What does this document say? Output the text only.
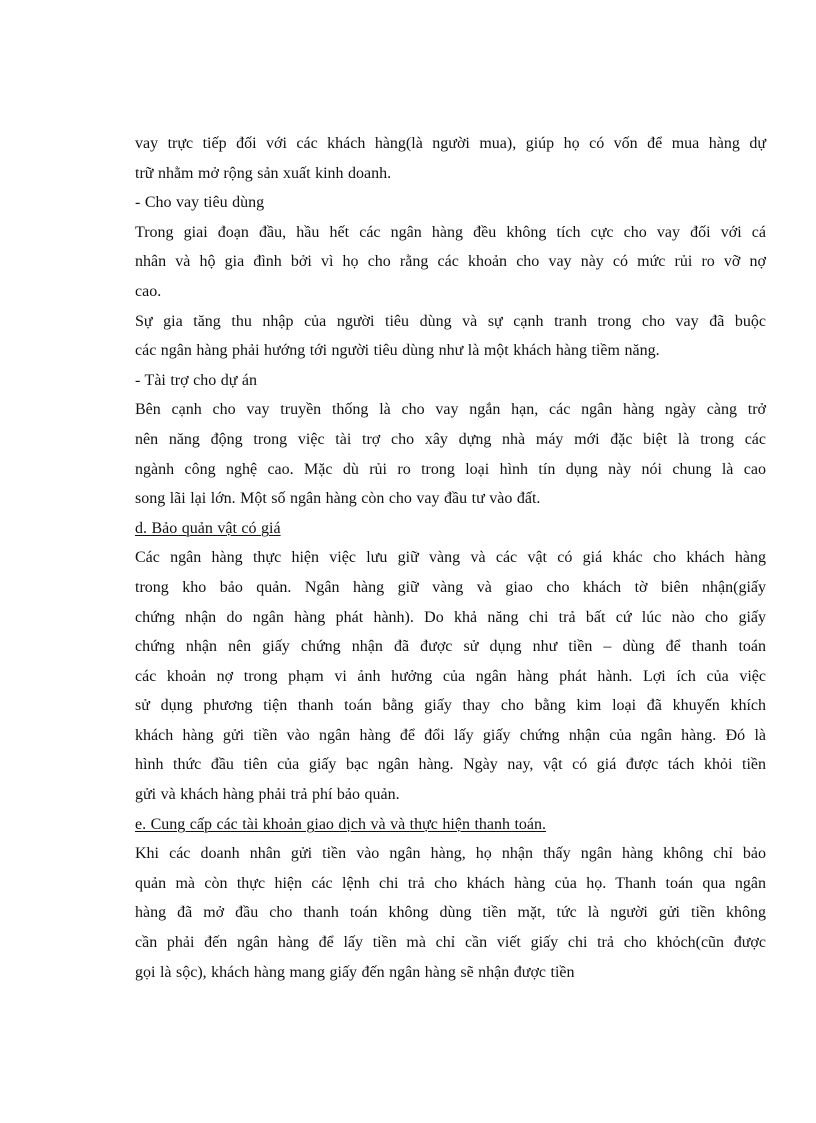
vay trực tiếp đối với các khách hàng(là người mua), giúp họ có vốn để mua hàng dự
trữ nhằm mở rộng sản xuất kinh doanh.
- Cho vay tiêu dùng
Trong giai đoạn đầu, hầu hết các ngân hàng đều không tích cực cho vay đối với cá
nhân và hộ gia đình bởi vì họ cho rằng các khoản cho vay này có mức rủi ro vỡ nợ
cao.
Sự gia tăng thu nhập của người tiêu dùng và sự cạnh tranh trong cho vay đã buộc
các ngân hàng phải hướng tới người tiêu dùng như là một khách hàng tiềm năng.
- Tài trợ cho dự án
Bên cạnh cho vay truyền thống là cho vay ngắn hạn, các ngân hàng ngày càng trở
nên năng động trong việc tài trợ cho xây dựng nhà máy mới đặc biệt là trong các
ngành công nghệ cao. Mặc dù rủi ro trong loại hình tín dụng này nói chung là cao
song lãi lại lớn. Một số ngân hàng còn cho vay đầu tư vào đất.
d. Bảo quản vật có giá
Các ngân hàng thực hiện việc lưu giữ vàng và các vật có giá khác cho khách hàng
trong kho bảo quản. Ngân hàng giữ vàng và giao cho khách tờ biên nhận(giấy
chứng nhận do ngân hàng phát hành). Do khả năng chi trả bất cứ lúc nào cho giấy
chứng nhận nên giấy chứng nhận đã được sử dụng như tiền – dùng để thanh toán
các khoản nợ trong phạm vi ảnh hưởng của ngân hàng phát hành. Lợi ích của việc
sử dụng phương tiện thanh toán bằng giấy thay cho bằng kim loại đã khuyến khích
khách hàng gửi tiền vào ngân hàng để đổi lấy giấy chứng nhận của ngân hàng. Đó là
hình thức đầu tiên của giấy bạc ngân hàng. Ngày nay, vật có giá được tách khỏi tiền
gửi và khách hàng phải trả phí bảo quản.
e. Cung cấp các tài khoản giao dịch và và thực hiện thanh toán.
Khi các doanh nhân gửi tiền vào ngân hàng, họ nhận thấy ngân hàng không chỉ bảo
quản mà còn thực hiện các lệnh chi trả cho khách hàng của họ. Thanh toán qua ngân
hàng đã mở đầu cho thanh toán không dùng tiền mặt, tức là người gửi tiền không
cần phải đến ngân hàng để lấy tiền mà chỉ cần viết giấy chi trả cho khỏch(cũn được
gọi là sộc), khách hàng mang giấy đến ngân hàng sẽ nhận được tiền
